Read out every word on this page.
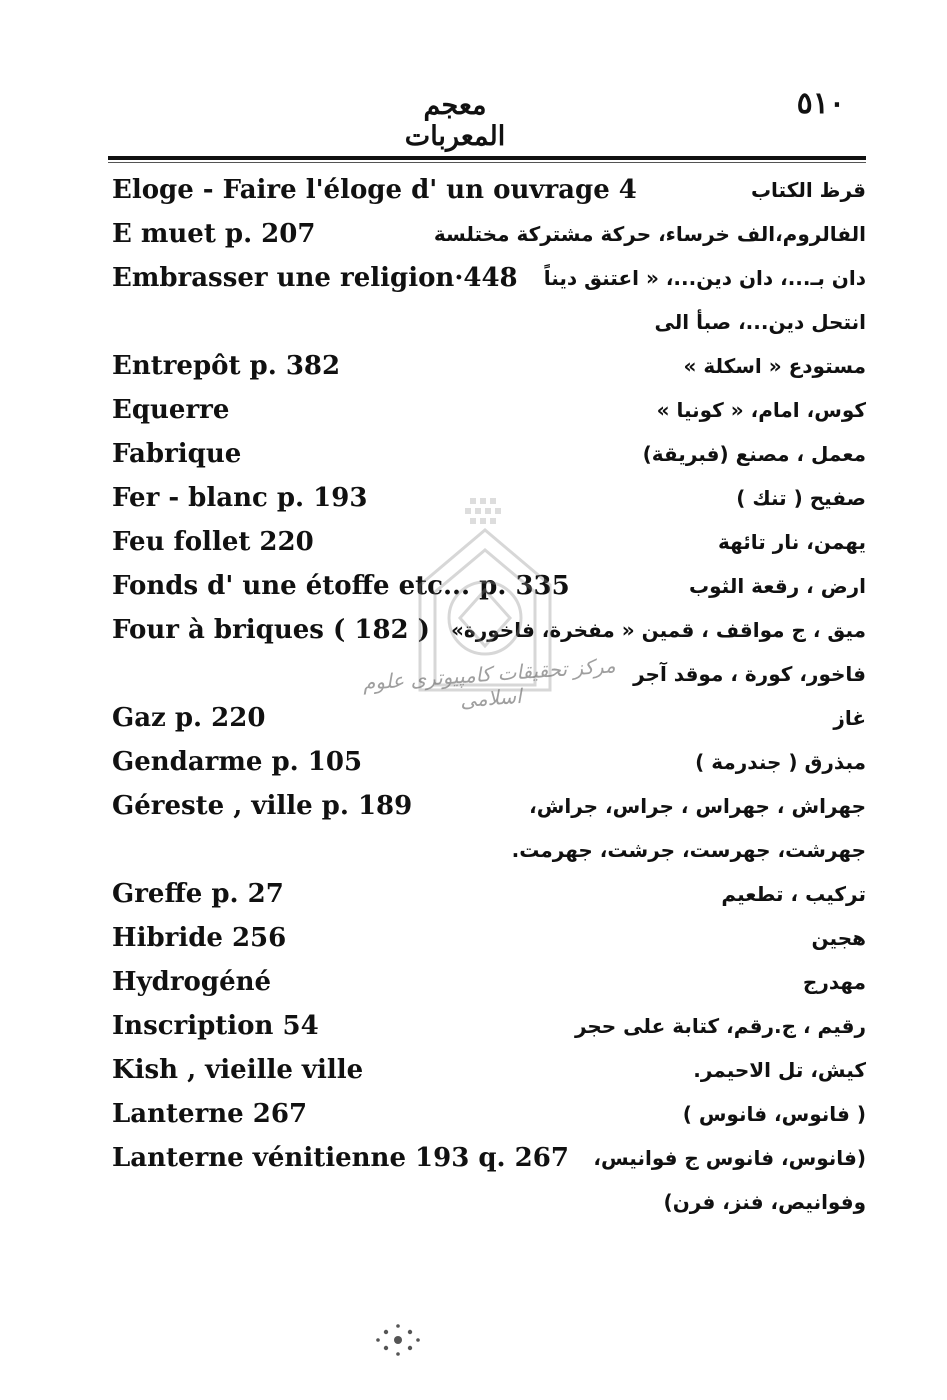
٥١٠
معجم المعربات
Eloge - Faire l'éloge d' un ouvrage 4	قرظ الكتاب
E muet p. 207	الفالروم،الف خرساء، حركة مشتركة مختلسة
Embrasser une religion·448 دان بـ...، دان دين...، « اعتنق ديناً
انتحل دين...، صبأ الى
Entrepôt p. 382	مستودع « اسكلة »
Equerre	كوس، امام، « كونيا »
Fabrique	معمل ، مصنع (فبريقة)
Fer - blanc p. 193	صفيح ( تنك )
Feu follet 220	يهمن، نار تائهة
Fonds d' une étoffe etc... p. 335	ارض ، رقعة الثوب
Four à briques ( 182 ) ميق ، ج مواقف ، قمين « مفخرة، فاخورة»
فاخور، كورة ، موقد آجر
Gaz p. 220	غاز
Gendarme p. 105	مبذرق ( جندرمة )
Géreste , ville p. 189	جهراش ، جهراس ، جراس، جراش،
جهرشت، جهرست، جرشت، جهرمت.
Greffe p. 27	تركيب ، تطعيم
Hibride 256	هجين
Hydrogéné	مهدرج
Inscription 54	رقيم ، ج.رقم، كتابة على حجر
Kish , vieille ville	كيش، تل الاحيمر.
Lanterne 267	( فانوس، فانوس )
Lanterne vénitienne 193 q. 267 (فانوس، فانوس ج فوانيس،
وفوانيص، فنز، فرن)
مرکز تحقیقات کامپیوتری علوم اسلامی
